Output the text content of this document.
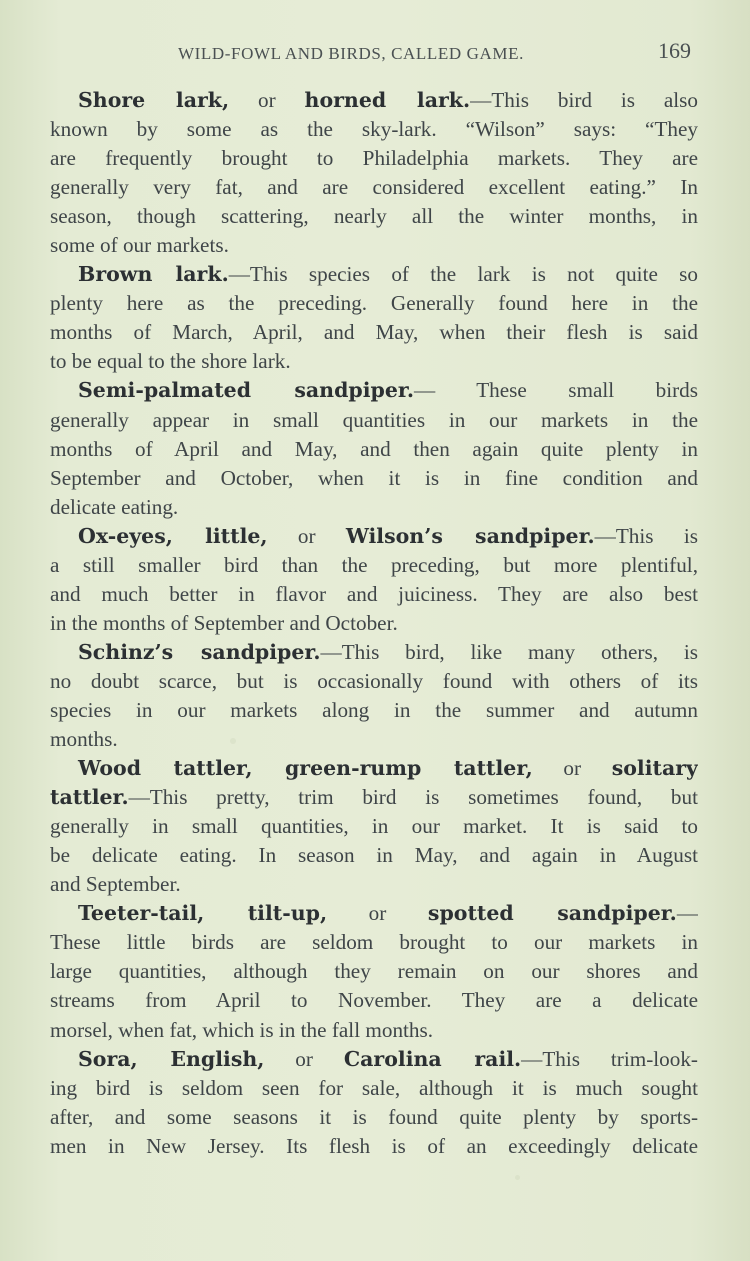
WILD-FOWL AND BIRDS, CALLED GAME.	169
Shore lark, or horned lark.—This bird is also
known by some as the sky-lark. “Wilson” says: “They
are frequently brought to Philadelphia markets. They are
generally very fat, and are considered excellent eating.” In
season, though scattering, nearly all the winter months, in
some of our markets.
Brown lark.—This species of the lark is not quite so
plenty here as the preceding. Generally found here in the
months of March, April, and May, when their flesh is said
to be equal to the shore lark.
Semi-palmated sandpiper.— These small birds
generally appear in small quantities in our markets in the
months of April and May, and then again quite plenty in
September and October, when it is in fine condition and
delicate eating.
Ox-eyes, little, or Wilson’s sandpiper.—This is
a still smaller bird than the preceding, but more plentiful,
and much better in flavor and juiciness. They are also best
in the months of September and October.
Schinz’s sandpiper.—This bird, like many others, is
no doubt scarce, but is occasionally found with others of its
species in our markets along in the summer and autumn
months.
Wood tattler, green-rump tattler, or solitary
tattler.—This pretty, trim bird is sometimes found, but
generally in small quantities, in our market. It is said to
be delicate eating. In season in May, and again in August
and September.
Teeter-tail, tilt-up, or spotted sandpiper.—
These little birds are seldom brought to our markets in
large quantities, although they remain on our shores and
streams from April to November. They are a delicate
morsel, when fat, which is in the fall months.
Sora, English, or Carolina rail.—This trim-look-
ing bird is seldom seen for sale, although it is much sought
after, and some seasons it is found quite plenty by sports-
men in New Jersey. Its flesh is of an exceedingly delicate
